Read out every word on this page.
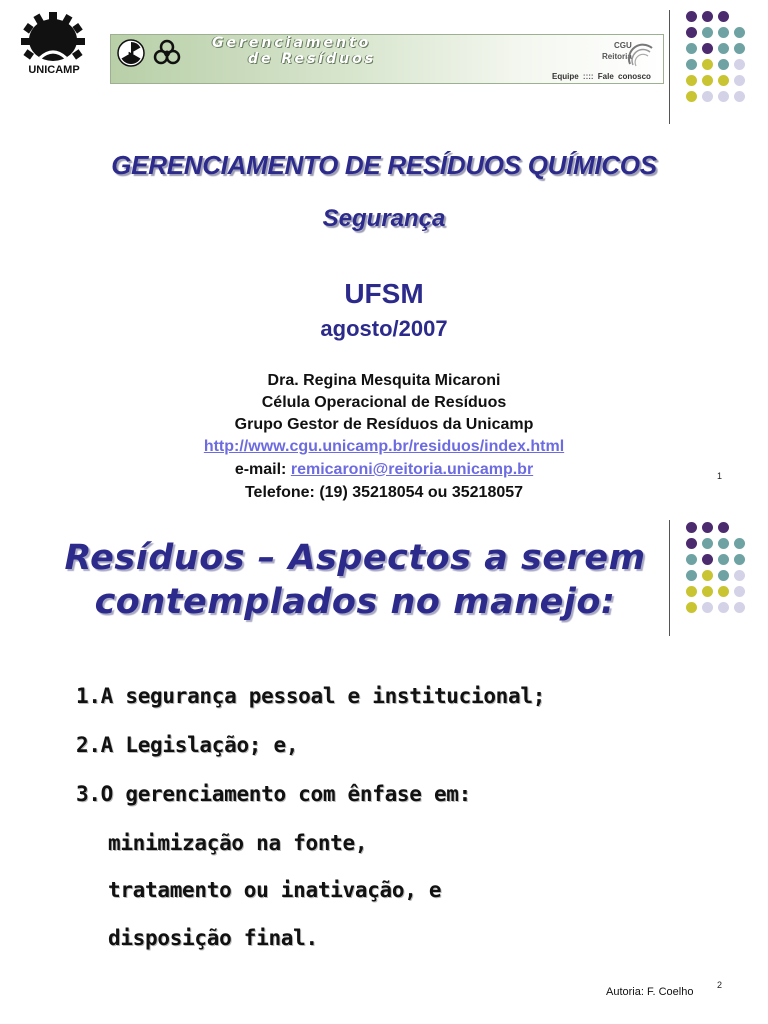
UNICAMP
Gerenciamento
de Resíduos
CGU
Reitoria
Equipe :::: Fale conosco
GERENCIAMENTO DE RESÍDUOS QUÍMICOS
Segurança
UFSM
agosto/2007
Dra. Regina Mesquita Micaroni
Célula Operacional de Resíduos
Grupo Gestor de Resíduos da Unicamp
http://www.cgu.unicamp.br/residuos/index.html
e-mail: remicaroni@reitoria.unicamp.br
Telefone: (19) 35218054 ou 35218057
1
Resíduos – Aspectos a serem
contemplados no manejo:
1.A segurança pessoal e institucional;
2.A Legislação; e,
3.O gerenciamento com ênfase em:
minimização na fonte,
tratamento ou inativação, e
disposição final.
Autoria: F. Coelho
2
